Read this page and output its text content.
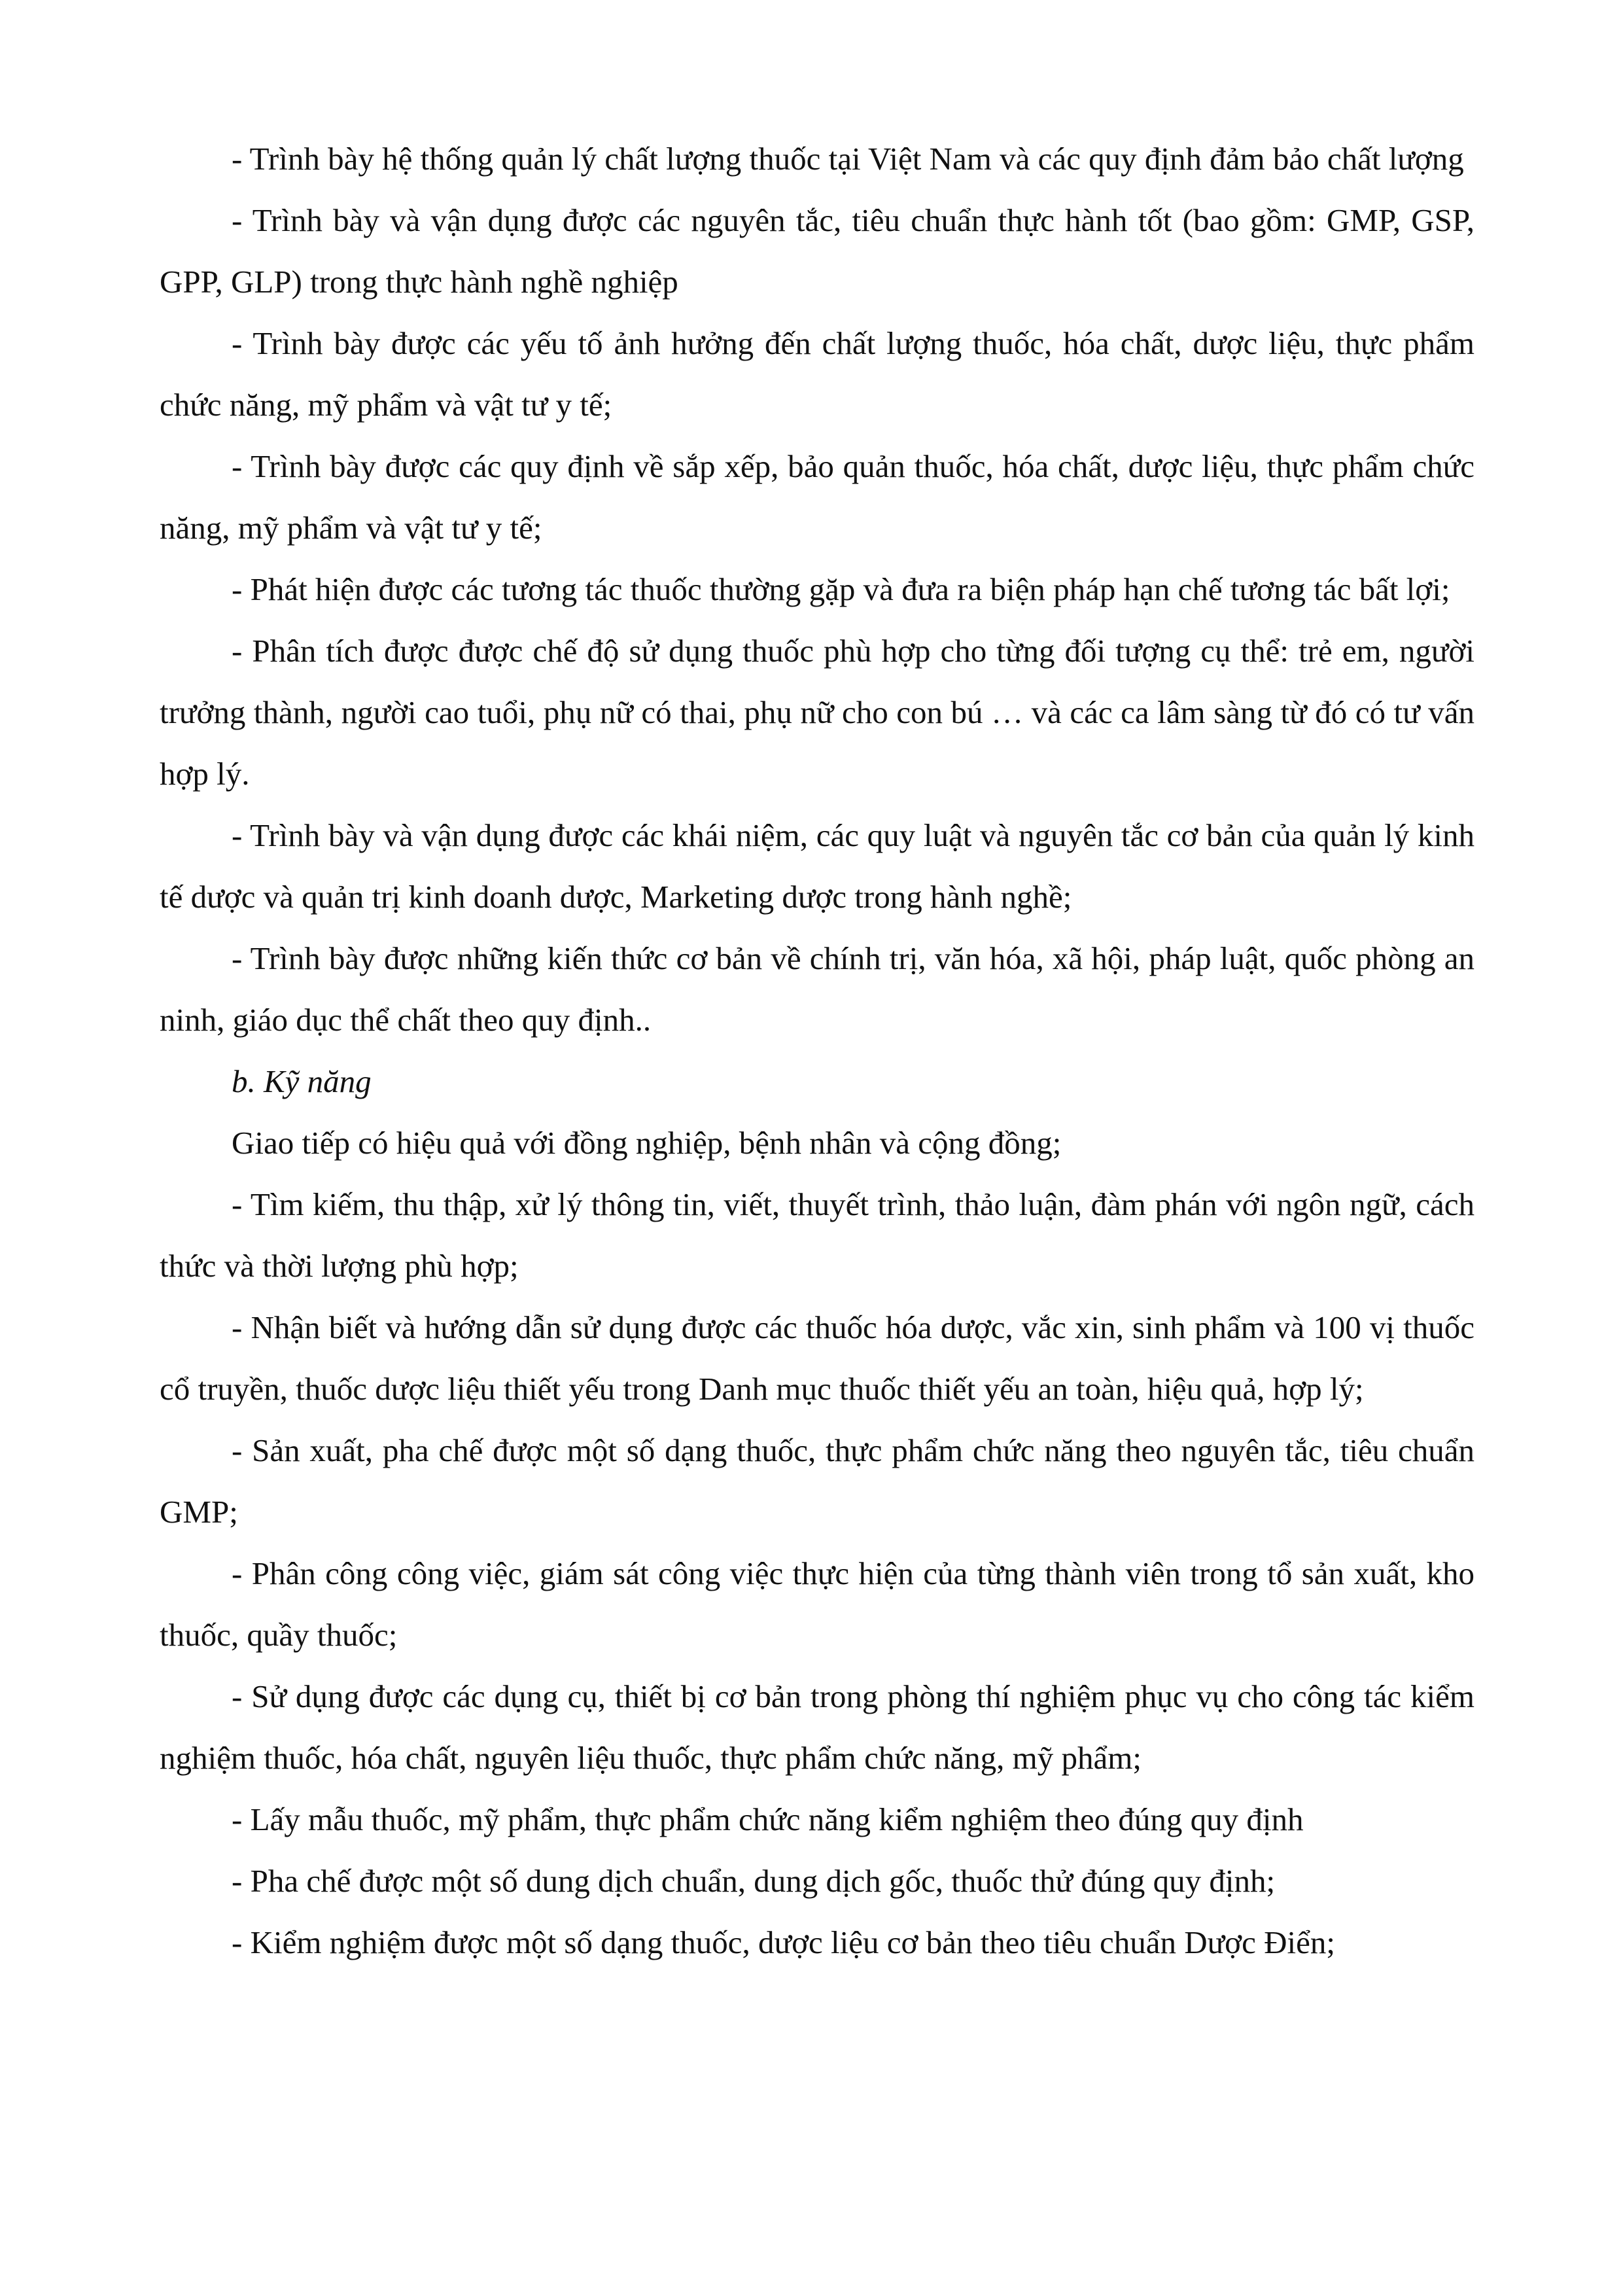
- Trình bày hệ thống quản lý chất lượng thuốc tại Việt Nam và các quy định đảm bảo chất lượng

- Trình bày và vận dụng được các nguyên tắc, tiêu chuẩn thực hành tốt (bao gồm: GMP, GSP, GPP, GLP) trong thực hành nghề nghiệp

- Trình bày được các yếu tố ảnh hưởng đến chất lượng thuốc, hóa chất, dược liệu, thực phẩm chức năng, mỹ phẩm và vật tư y tế;

- Trình bày được các quy định về sắp xếp, bảo quản thuốc, hóa chất, dược liệu, thực phẩm chức năng, mỹ phẩm và vật tư y tế;

- Phát hiện được các tương tác thuốc thường gặp và đưa ra biện pháp hạn chế tương tác bất lợi;

- Phân tích được được chế độ sử dụng thuốc phù hợp cho từng đối tượng cụ thể: trẻ em, người trưởng thành, người cao tuổi, phụ nữ có thai, phụ nữ cho con bú … và các ca lâm sàng từ đó có tư vấn hợp lý.

- Trình bày và vận dụng được các khái niệm, các quy luật và nguyên tắc cơ bản của quản lý kinh tế dược và quản trị kinh doanh dược, Marketing dược trong hành nghề;

- Trình bày được những kiến thức cơ bản về chính trị, văn hóa, xã hội, pháp luật, quốc phòng an ninh, giáo dục thể chất theo quy định..

b. Kỹ năng

Giao tiếp có hiệu quả với đồng nghiệp, bệnh nhân và cộng đồng;

- Tìm kiếm, thu thập, xử lý thông tin, viết, thuyết trình, thảo luận, đàm phán với ngôn ngữ, cách thức và thời lượng phù hợp;

- Nhận biết và hướng dẫn sử dụng được các thuốc hóa dược, vắc xin, sinh phẩm và 100 vị thuốc cổ truyền, thuốc dược liệu thiết yếu trong Danh mục thuốc thiết yếu an toàn, hiệu quả, hợp lý;

- Sản xuất, pha chế được một số dạng thuốc, thực phẩm chức năng theo nguyên tắc, tiêu chuẩn GMP;

- Phân công công việc, giám sát công việc thực hiện của từng thành viên trong tổ sản xuất, kho thuốc, quầy thuốc;

- Sử dụng được các dụng cụ, thiết bị cơ bản trong phòng thí nghiệm phục vụ cho công tác kiểm nghiệm thuốc, hóa chất, nguyên liệu thuốc, thực phẩm chức năng, mỹ phẩm;

- Lấy mẫu thuốc, mỹ phẩm, thực phẩm chức năng kiểm nghiệm theo đúng quy định

- Pha chế được một số dung dịch chuẩn, dung dịch gốc, thuốc thử đúng quy định;

- Kiểm nghiệm được một số dạng thuốc, dược liệu cơ bản theo tiêu chuẩn Dược Điển;
